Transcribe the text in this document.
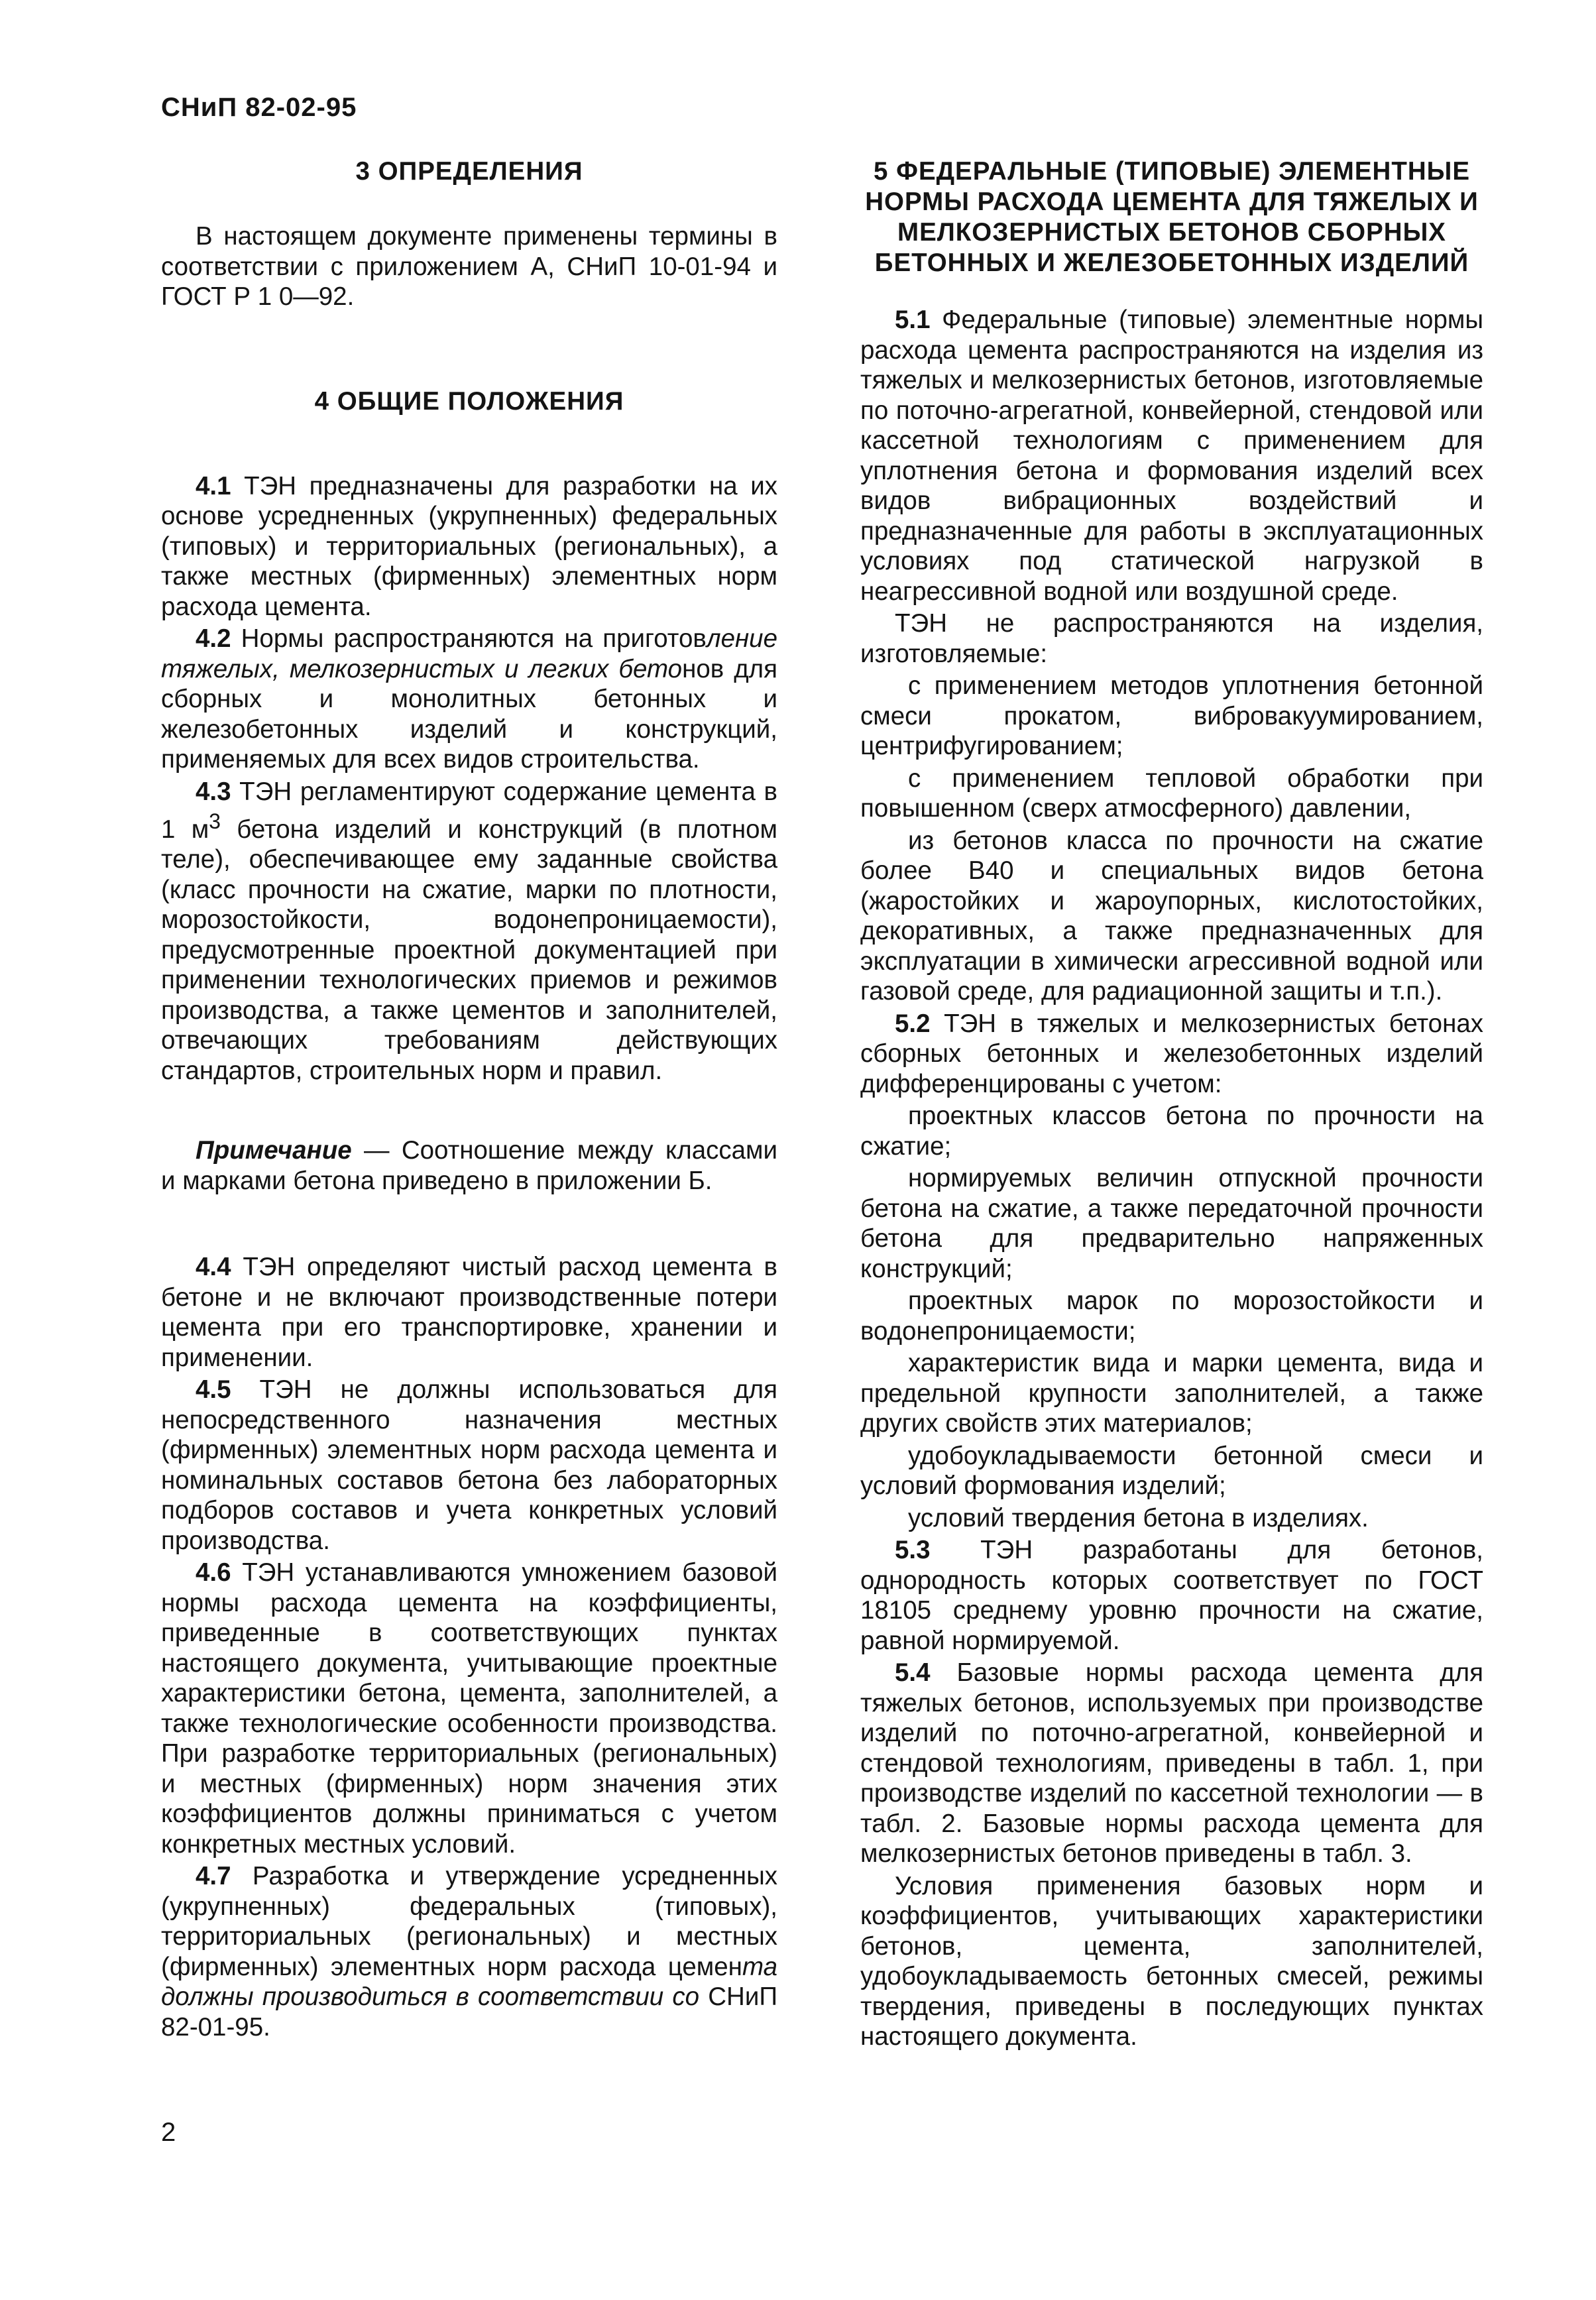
СНиП 82-02-95
3 ОПРЕДЕЛЕНИЯ

В настоящем документе применены термины в соответствии с приложением А, СНиП 10-01-94 и ГОСТ Р 1 0—92.

4 ОБЩИЕ ПОЛОЖЕНИЯ

4.1 ТЭН предназначены для разработки на их основе усредненных (укрупненных) федеральных (типовых) и территориальных (региональных), а также местных (фирменных) элементных норм расхода цемента.

4.2 Нормы распространяются на приготовление тяжелых, мелкозернистых и легких бетонов для сборных и монолитных бетонных и железобетонных изделий и конструкций, применяемых для всех видов строительства.

4.3 ТЭН регламентируют содержание цемента в 1 $м^3$ бетона изделий и конструкций (в плотном теле), обеспечивающее ему заданные свойства (класс прочности на сжатие, марки по плотности, морозостойкости, водонепроницаемости), предусмотренные проектной документацией при применении технологических приемов и режимов производства, а также цементов и заполнителей, отвечающих требованиям действующих стандартов, строительных норм и правил.

Примечание — Соотношение между классами и марками бетона приведено в приложении Б.

4.4 ТЭН определяют чистый расход цемента в бетоне и не включают производственные потери цемента при его транспортировке, хранении и применении.

4.5 ТЭН не должны использоваться для непосредственного назначения местных (фирменных) элементных норм расхода цемента и номинальных составов бетона без лабораторных подборов составов и учета конкретных условий производства.

4.6 ТЭН устанавливаются умножением базовой нормы расхода цемента на коэффициенты, приведенные в соответствующих пунктах настоящего документа, учитывающие проектные характеристики бетона, цемента, заполнителей, а также технологические особенности производства. При разработке территориальных (региональных) и местных (фирменных) норм значения этих коэффициентов должны приниматься с учетом конкретных местных условий.

4.7 Разработка и утверждение усредненных (укрупненных) федеральных (типовых), территориальных (региональных) и местных (фирменных) элементных норм расхода цемента должны производиться в соответствии со СНиП 82-01-95.

5 ФЕДЕРАЛЬНЫЕ (ТИПОВЫЕ) ЭЛЕМЕНТНЫЕ НОРМЫ РАСХОДА ЦЕМЕНТА ДЛЯ ТЯЖЕЛЫХ И МЕЛКОЗЕРНИСТЫХ БЕТОНОВ СБОРНЫХ БЕТОННЫХ И ЖЕЛЕЗОБЕТОННЫХ ИЗДЕЛИЙ

5.1 Федеральные (типовые) элементные нормы расхода цемента распространяются на изделия из тяжелых и мелкозернистых бетонов, изготовляемые по поточно-агрегатной, конвейерной, стендовой или кассетной технологиям с применением для уплотнения бетона и формования изделий всех видов вибрационных воздействий и предназначенные для работы в эксплуатационных условиях под статической нагрузкой в неагрессивной водной или воздушной среде.

ТЭН не распространяются на изделия, изготовляемые:

с применением методов уплотнения бетонной смеси прокатом, вибровакуумированием, центрифугированием;

с применением тепловой обработки при повышенном (сверх атмосферного) давлении,

из бетонов класса по прочности на сжатие более В40 и специальных видов бетона (жаростойких и жароупорных, кислотостойких, декоративных, а также предназначенных для эксплуатации в химически агрессивной водной или газовой среде, для радиационной защиты и т.п.).

5.2 ТЭН в тяжелых и мелкозернистых бетонах сборных бетонных и железобетонных изделий дифференцированы с учетом:

проектных классов бетона по прочности на сжатие;

нормируемых величин отпускной прочности бетона на сжатие, а также передаточной прочности бетона для предварительно напряженных конструкций;

проектных марок по морозостойкости и водонепроницаемости;

характеристик вида и марки цемента, вида и предельной крупности заполнителей, а также других свойств этих материалов;

удобоукладываемости бетонной смеси и условий формования изделий;

условий твердения бетона в изделиях.

5.3 ТЭН разработаны для бетонов, однородность которых соответствует по ГОСТ 18105 среднему уровню прочности на сжатие, равной нормируемой.

5.4 Базовые нормы расхода цемента для тяжелых бетонов, используемых при производстве изделий по поточно-агрегатной, конвейерной и стендовой технологиям, приведены в табл. 1, при производстве изделий по кассетной технологии — в табл. 2. Базовые нормы расхода цемента для мелкозернистых бетонов приведены в табл. 3.

Условия применения базовых норм и коэффициентов, учитывающих характеристики бетонов, цемента, заполнителей, удобоукладываемость бетонных смесей, режимы твердения, приведены в последующих пунктах настоящего документа.

2
